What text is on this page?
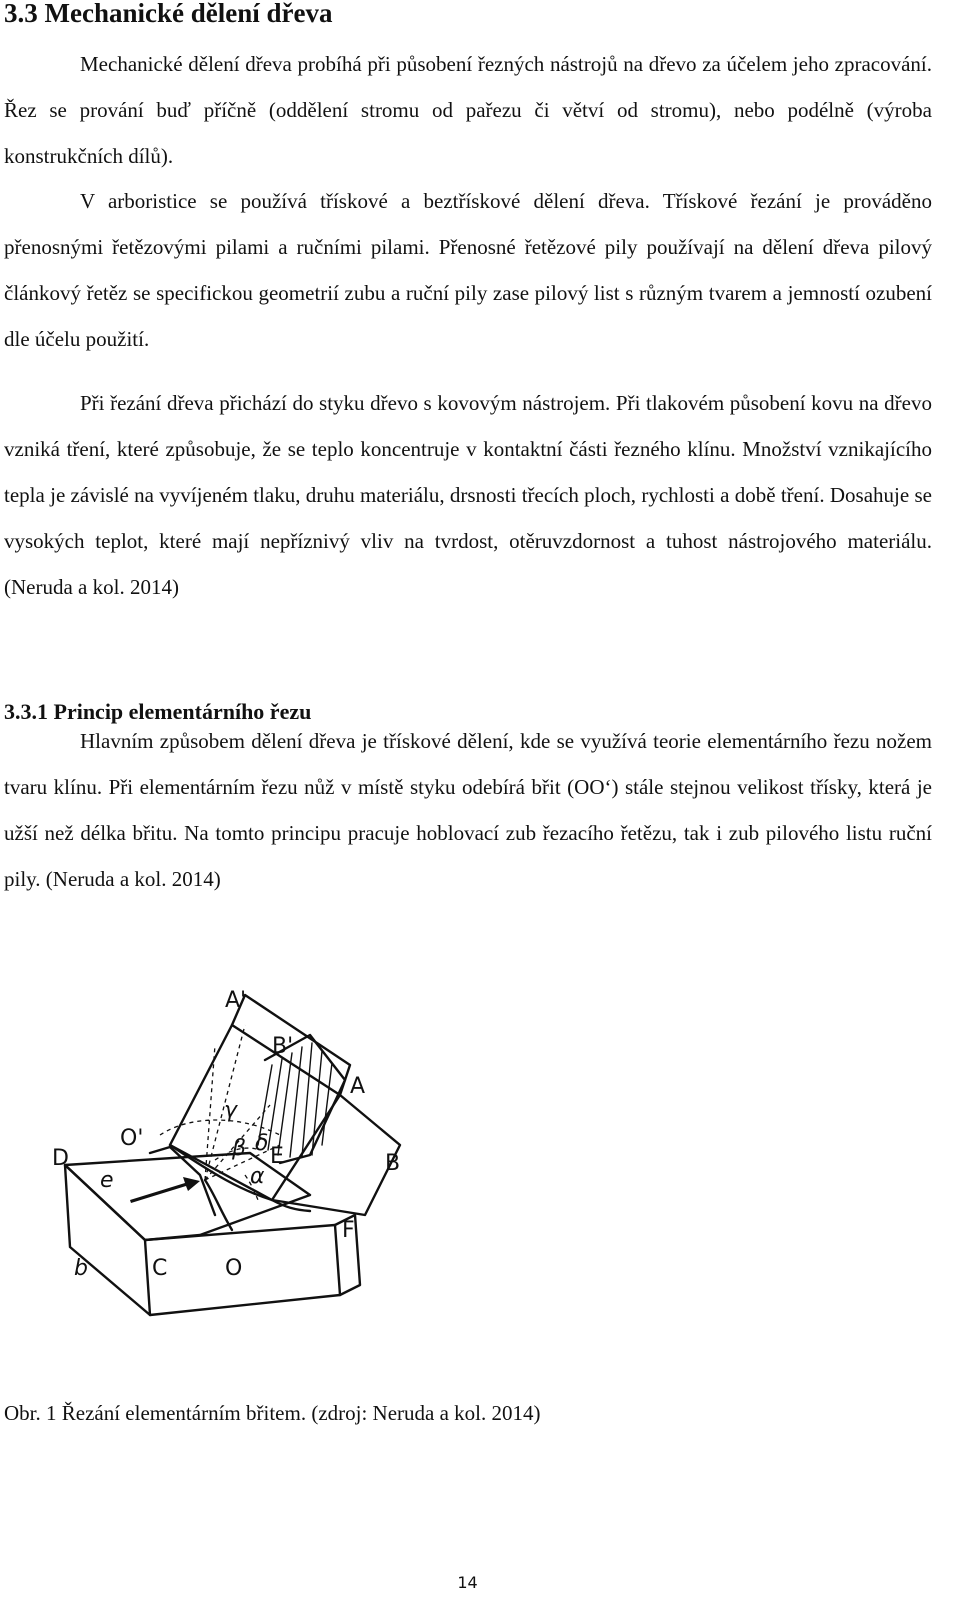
3.3 Mechanické dělení dřeva

Mechanické dělení dřeva probíhá při působení řezných nástrojů na dřevo za účelem jeho zpracování. Řez se prování buď příčně (oddělení stromu od pařezu či větví od stromu), nebo podélně (výroba konstrukčních dílů).

V arboristice se používá třískové a beztřískové dělení dřeva. Třískové řezání je prováděno přenosnými řetězovými pilami a ručními pilami. Přenosné řetězové pily používají na dělení dřeva pilový článkový řetěz se specifickou geometrií zubu a ruční pily zase pilový list s různým tvarem a jemností ozubení dle účelu použití.

Při řezání dřeva přichází do styku dřevo s kovovým nástrojem. Při tlakovém působení kovu na dřevo vzniká tření, které způsobuje, že se teplo koncentruje v kontaktní části řezného klínu. Množství vznikajícího tepla je závislé na vyvíjeném tlaku, druhu materiálu, drsnosti třecích ploch, rychlosti a době tření. Dosahuje se vysokých teplot, které mají nepříznivý vliv na tvrdost, otěruvzdornost a tuhost nástrojového materiálu. (Neruda a kol. 2014)

3.3.1 Princip elementárního řezu

Hlavním způsobem dělení dřeva je třískové dělení, kde se využívá teorie elementárního řezu nožem tvaru klínu. Při elementárním řezu nůž v místě styku odebírá břit (OO‘) stále stejnou velikost třísky, která je užší než délka břitu. Na tomto principu pracuje hoblovací zub řezacího řetězu, tak i zub pilového listu ruční pily. (Neruda a kol. 2014)

A'
B'
A
B
O'
D
e
γ
β δ
E
α
F
C	O
b

Obr. 1 Řezání elementárním břitem. (zdroj: Neruda a kol. 2014)

14
